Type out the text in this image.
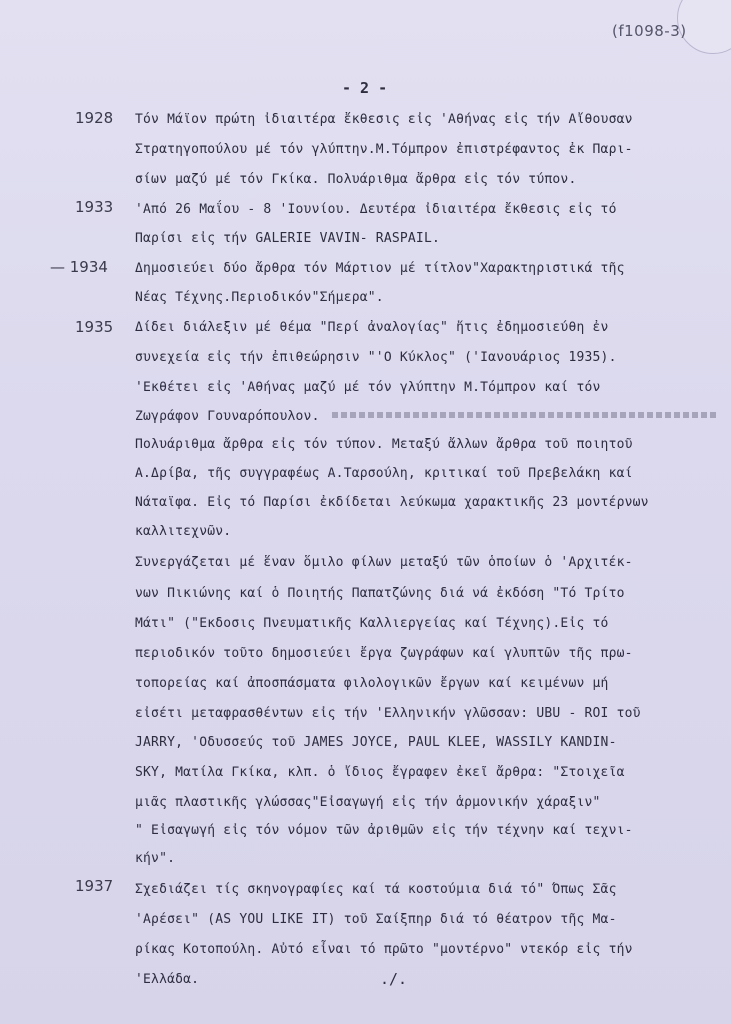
(f1098-3)
- 2 -
1928
1933
— 1934
1935
1937
Τόν Μάϊον πρώτη ἰδιαιτέρα ἔκθεσις εἰς 'Αθήνας εἰς τήν Αἴθουσαν
Στρατηγοπούλου μέ τόν γλύπτην.Μ.Τόμπρον ἐπιστρέφαντος ἐκ Παρι-
σίων μαζύ μέ τόν Γκίκα. Πολυάριθμα ἄρθρα εἰς τόν τύπον.
'Από 26 Μαΐου - 8 'Ιουνίου. Δευτέρα ἰδιαιτέρα ἔκθεσις εἰς τό
Παρίσι εἰς τήν GALERIE VAVIN- RASPAIL.
Δημοσιεύει δύο ἄρθρα τόν Μάρτιον μέ τίτλον"Χαρακτηριστικά τῆς
Νέας Τέχνης.Περιοδικόν"Σήμερα".
Δίδει διάλεξιν μέ θέμα "Περί ἀναλογίας" ἥτις ἐδημοσιεύθη ἐν
συνεχεία εἰς τήν ἐπιθεώρησιν "'Ο Κύκλος" ('Ιανουάριος 1935).
'Εκθέτει εἰς 'Αθήνας μαζύ μέ τόν γλύπτην Μ.Τόμπρον καί τόν
Ζωγράφον Γουναρόπουλον.
Πολυάριθμα ἄρθρα εἰς τόν τύπον. Μεταξύ ἄλλων ἄρθρα τοῦ ποιητοῦ
Α.Δρίβα, τῆς συγγραφέως Α.Ταρσούλη, κριτικαί τοῦ Πρεβελάκη καί
Νάταϊφα. Εἰς τό Παρίσι ἐκδίδεται λεύκωμα χαρακτικῆς 23 μοντέρνων
καλλιτεχνῶν.
Συνεργάζεται μέ ἕναν ὅμιλο φίλων μεταξύ τῶν ὁποίων ὁ 'Αρχιτέκ-
νων Πικιώνης καί ὁ Ποιητής Παπατζώνης διά νά ἐκδόση "Τό Τρίτο
Μάτι" ("Εκδοσις Πνευματικῆς Καλλιεργείας καί Τέχνης).Εἰς τό
περιοδικόν τοῦτο δημοσιεύει ἔργα ζωγράφων καί γλυπτῶν τῆς πρω-
τοπορείας καί ἀποσπάσματα φιλολογικῶν ἔργων καί κειμένων μή
εἰσέτι μεταφρασθέντων εἰς τήν 'Ελληνικήν γλῶσσαν: UBU - ROI τοῦ
JARRY, 'Οδυσσεύς τοῦ JAMES JOYCE, PAUL KLEE, WASSILY KANDIN-
SKY, Ματίλα Γκίκα, κλπ. ὁ ἴδιος ἔγραφεν ἐκεῖ ἄρθρα: "Στοιχεῖα
μιᾶς πλαστικῆς γλώσσας"Εἰσαγωγή εἰς τήν ἁρμονικήν χάραξιν"
" Εἰσαγωγή εἰς τόν νόμον τῶν ἀριθμῶν εἰς τήν τέχνην καί τεχνι-
κήν".
Σχεδιάζει τίς σκηνογραφίες καί τά κοστούμια διά τό" Όπως Σᾶς
'Αρέσει" (AS YOU LIKE IT) τοῦ Σαίξπηρ διά τό θέατρον τῆς Μα-
ρίκας Κοτοπούλη. Αὐτό εἶναι τό πρῶτο "μοντέρνο" ντεκόρ εἰς τήν
'Ελλάδα.	./.
